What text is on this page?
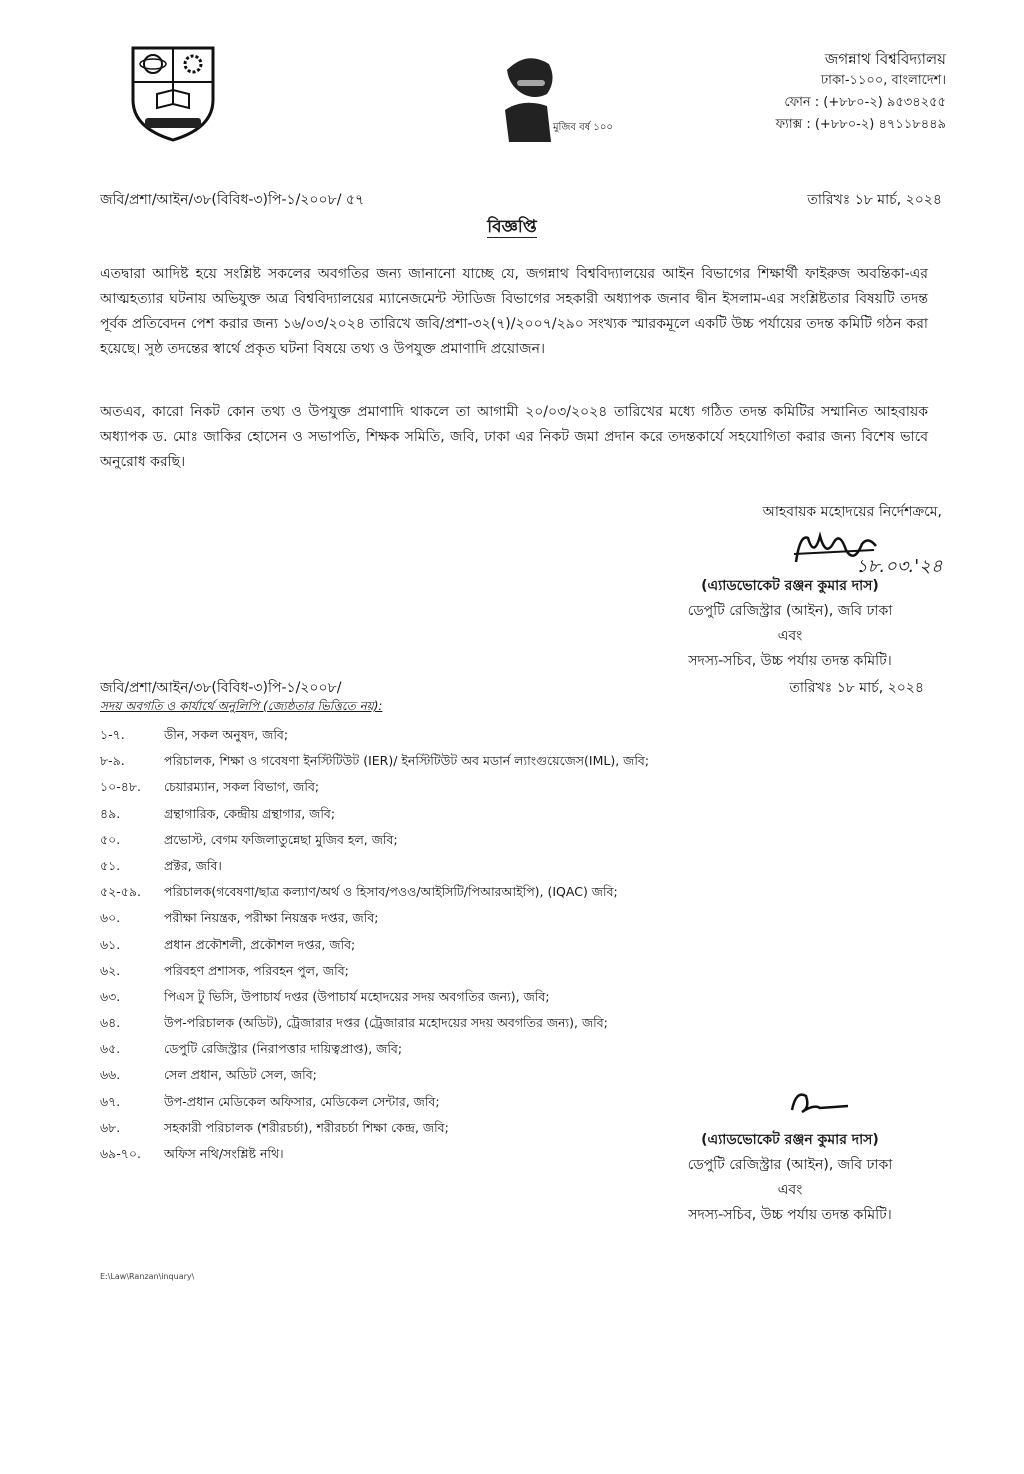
মুজিব বর্ষ ১০০
জগন্নাথ বিশ্ববিদ্যালয়
ঢাকা-১১০০, বাংলাদেশ।
ফোন : (+৮৮০-২) ৯৫৩৪২৫৫
ফ্যাক্স : (+৮৮০-২) ৪৭১১৮৪৪৯
জবি/প্রশা/আইন/৩৮(বিবিধ-৩)পি-১/২০০৮/ ৫৭	তারিখঃ ১৮ মার্চ, ২০২৪
বিজ্ঞপ্তি
এতদ্বারা আদিষ্ট হয়ে সংশ্লিষ্ট সকলের অবগতির জন্য জানানো যাচ্ছে যে, জগন্নাথ বিশ্ববিদ্যালয়ের আইন বিভাগের শিক্ষার্থী ফাইরুজ অবন্তিকা-এর আত্মহত্যার ঘটনায় অভিযুক্ত অত্র বিশ্ববিদ্যালয়ের ম্যানেজমেন্ট স্টাডিজ বিভাগের সহকারী অধ্যাপক জনাব দ্বীন ইসলাম-এর সংশ্লিষ্টতার বিষয়টি তদন্ত পূর্বক প্রতিবেদন পেশ করার জন্য ১৬/০৩/২০২৪ তারিখে জবি/প্রশা-৩২(৭)/২০০৭/২৯০ সংখ্যক স্মারকমূলে একটি উচ্চ পর্যায়ের তদন্ত কমিটি গঠন করা হয়েছে। সুষ্ঠ তদন্তের স্বার্থে প্রকৃত ঘটনা বিষয়ে তথ্য ও উপযুক্ত প্রমাণাদি প্রয়োজন।
অতএব, কারো নিকট কোন তথ্য ও উপযুক্ত প্রমাণাদি থাকলে তা আগামী ২০/০৩/২০২৪ তারিখের মধ্যে গঠিত তদন্ত কমিটির সম্মানিত আহবায়ক অধ্যাপক ড. মোঃ জাকির হোসেন ও সভাপতি, শিক্ষক সমিতি, জবি, ঢাকা এর নিকট জমা প্রদান করে তদন্তকার্যে সহযোগিতা করার জন্য বিশেষ ভাবে অনুরোধ করছি।
আহবায়ক মহোদয়ের নির্দেশক্রমে,
১৮.০৩.'২৪
(এ্যাডভোকেট রঞ্জন কুমার দাস)
ডেপুটি রেজিস্ট্রার (আইন), জবি ঢাকা
এবং
সদস্য-সচিব, উচ্চ পর্যায় তদন্ত কমিটি।
জবি/প্রশা/আইন/৩৮(বিবিধ-৩)পি-১/২০০৮/	তারিখঃ ১৮ মার্চ, ২০২৪
সদয় অবগতি ও কার্যার্থে অনুলিপি (জ্যেষ্ঠতার ভিত্তিতে নয়):
১-৭.	ডীন, সকল অনুষদ, জবি;
৮-৯.	পরিচালক, শিক্ষা ও গবেষণা ইনস্টিটিউট (IER)/ ইনস্টিটিউট অব মডার্ন ল্যাংগুয়েজেস(IML), জবি;
১০-৪৮.	চেয়ারম্যান, সকল বিভাগ, জবি;
৪৯.	গ্রন্থাগারিক, কেন্দ্রীয় গ্রন্থাগার, জবি;
৫০.	প্রভোস্ট, বেগম ফজিলাতুন্নেছা মুজিব হল, জবি;
৫১.	প্রক্টর, জবি।
৫২-৫৯.	পরিচালক(গবেষণা/ছাত্র কল্যাণ/অর্থ ও হিসাব/পওও/আইসিটি/পিআরআইপি), (IQAC) জবি;
৬০.	পরীক্ষা নিয়ন্ত্রক, পরীক্ষা নিয়ন্ত্রক দপ্তর, জবি;
৬১.	প্রধান প্রকৌশলী, প্রকৌশল দপ্তর, জবি;
৬২.	পরিবহণ প্রশাসক, পরিবহন পুল, জবি;
৬৩.	পিএস টু ভিসি, উপাচার্য দপ্তর (উপাচার্য মহোদয়ের সদয় অবগতির জন্য), জবি;
৬৪.	উপ-পরিচালক (অডিট), ট্রেজারার দপ্তর (ট্রেজারার মহোদয়ের সদয় অবগতির জন্য), জবি;
৬৫.	ডেপুটি রেজিস্ট্রার (নিরাপত্তার দায়িত্বপ্রাপ্ত), জবি;
৬৬.	সেল প্রধান, অডিট সেল, জবি;
৬৭.	উপ-প্রধান মেডিকেল অফিসার, মেডিকেল সেন্টার, জবি;
৬৮.	সহকারী পরিচালক (শরীরচর্চা), শরীরচর্চা শিক্ষা কেন্দ্র, জবি;
৬৯-৭০.	অফিস নথি/সংশ্লিষ্ট নথি।
(এ্যাডভোকেট রঞ্জন কুমার দাস)
ডেপুটি রেজিস্ট্রার (আইন), জবি ঢাকা
এবং
সদস্য-সচিব, উচ্চ পর্যায় তদন্ত কমিটি।
E:\Law\Ranzan\inquary\
